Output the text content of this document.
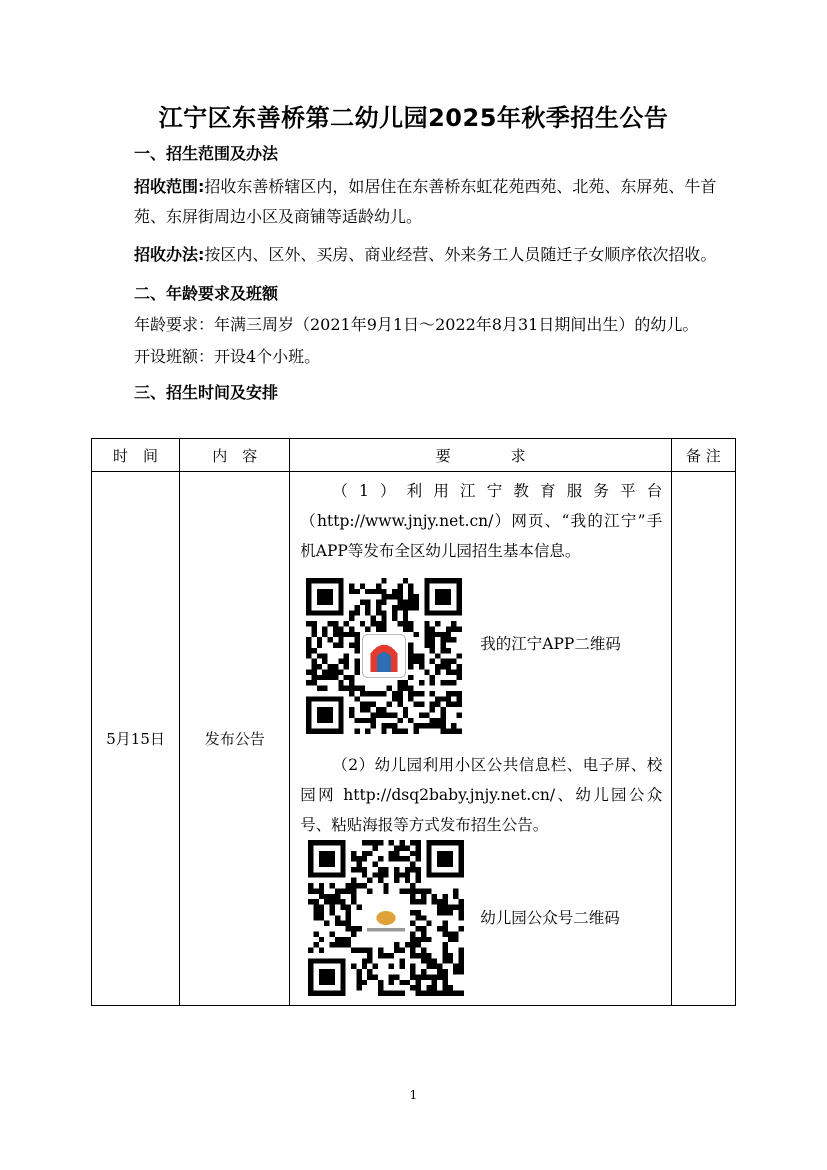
江宁区东善桥第二幼儿园2025年秋季招生公告
一、招生范围及办法
招收范围:招收东善桥辖区内，如居住在东善桥东虹花苑西苑、北苑、东屏苑、牛首苑、东屏街周边小区及商铺等适龄幼儿。
招收办法:按区内、区外、买房、商业经营、外来务工人员随迁子女顺序依次招收。
二、年龄要求及班额
年龄要求：年满三周岁（2021年9月1日～2022年8月31日期间出生）的幼儿。
开设班额：开设4个小班。
三、招生时间及安排
时　间	内　容	要　　　　求	备 注
5月15日	发布公告	（1）利用江宁教育服务平台
（http://www.jnjy.net.cn/）网页、“我的江宁”手机APP等发布全区幼儿园招生基本信息。
我的江宁APP二维码
（2）幼儿园利用小区公共信息栏、电子屏、校园网 http://dsq2baby.jnjy.net.cn/、幼儿园公众号、粘贴海报等方式发布招生公告。
幼儿园公众号二维码	

1
